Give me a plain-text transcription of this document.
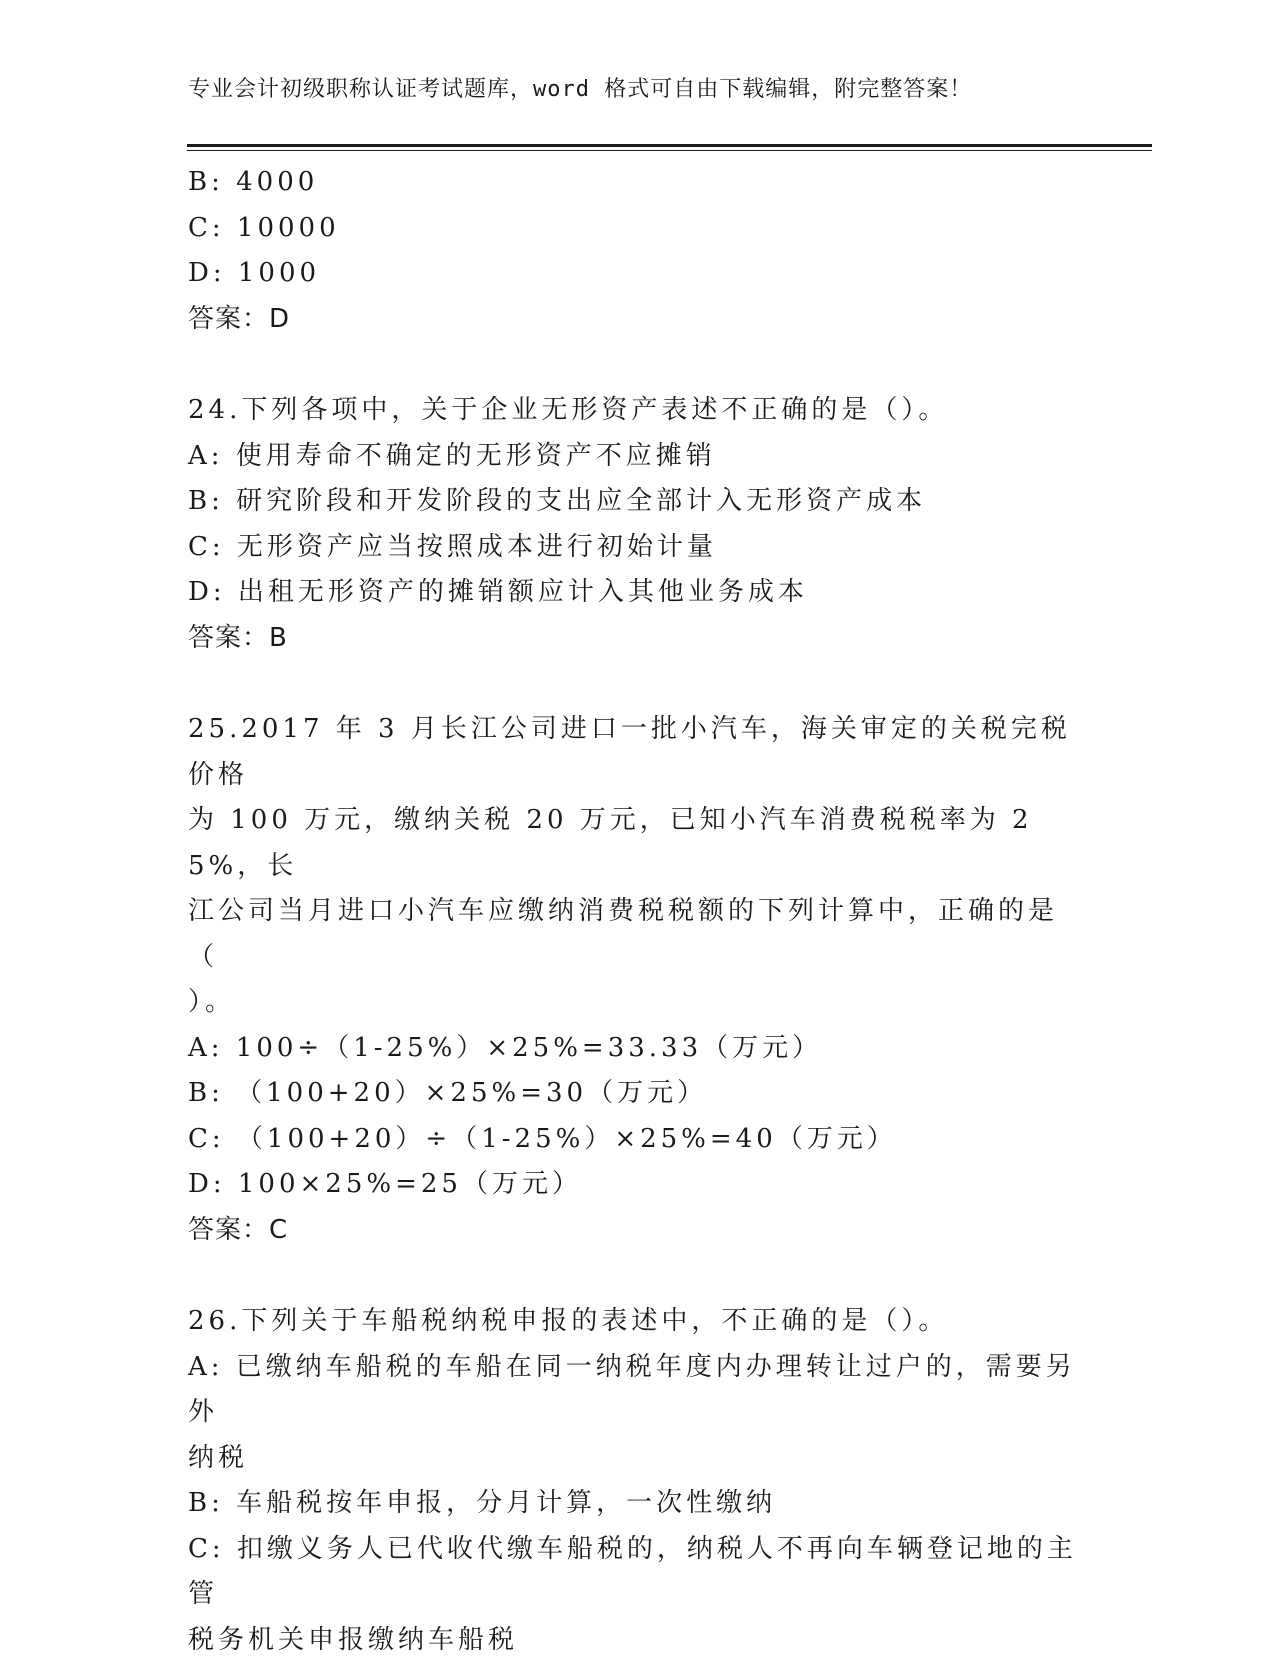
专业会计初级职称认证考试题库，word 格式可自由下载编辑，附完整答案！
B: 4000
C: 10000
D: 1000
答案：D
24.下列各项中，关于企业无形资产表述不正确的是（）。
A: 使用寿命不确定的无形资产不应摊销
B: 研究阶段和开发阶段的支出应全部计入无形资产成本
C: 无形资产应当按照成本进行初始计量
D: 出租无形资产的摊销额应计入其他业务成本
答案：B
25.2017 年 3 月长江公司进口一批小汽车，海关审定的关税完税价格
为 100 万元，缴纳关税 20 万元，已知小汽车消费税税率为 25%，长
江公司当月进口小汽车应缴纳消费税税额的下列计算中，正确的是（
）。
A: 100÷（1-25%）×25%=33.33（万元）
B: （100+20）×25%=30（万元）
C: （100+20）÷（1-25%）×25%=40（万元）
D: 100×25%=25（万元）
答案：C
26.下列关于车船税纳税申报的表述中，不正确的是（）。
A: 已缴纳车船税的车船在同一纳税年度内办理转让过户的，需要另外
纳税
B: 车船税按年申报，分月计算，一次性缴纳
C: 扣缴义务人已代收代缴车船税的，纳税人不再向车辆登记地的主管
税务机关申报缴纳车船税
